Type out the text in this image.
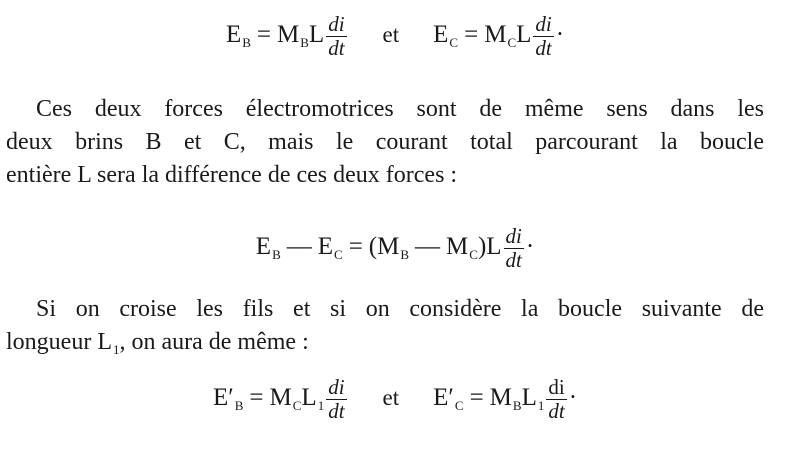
$E_B = M_BL \frac{di}{dt}$ et $E_C = M_CL \frac{di}{dt}$ ·
Ces deux forces électromotrices sont de même sens dans les
deux brins B et C, mais le courant total parcourant la boucle
entière L sera la différence de ces deux forces :
$E_B$ — $E_C = (M_B$ — $M_C)L \frac{di}{dt}$ ·
Si on croise les fils et si on considère la boucle suivante de
longueur $L_1$, on aura de même :
$E'_B = M_CL_1 \frac{di}{dt}$ et $E'_C = M_BL_1 \frac{di}{dt}$ ·
